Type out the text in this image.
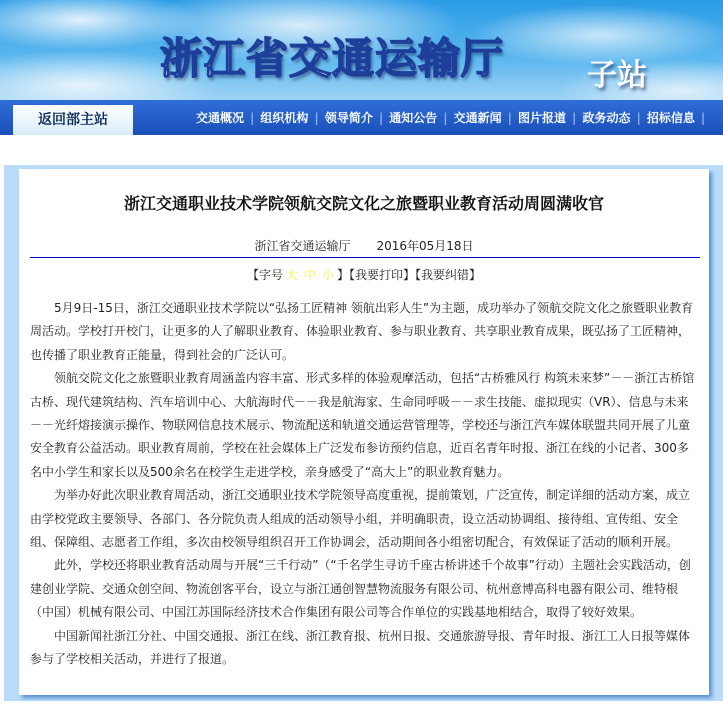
浙江省交通运输厅	子站
返回部主站	交通概况 | 组织机构 | 领导简介 | 通知公告 | 交通新闻 | 图片报道 | 政务动态 | 招标信息 |
浙江交通职业技术学院领航交院文化之旅暨职业教育活动周圆满收官
浙江省交通运输厅 2016年05月18日
【字号 大 中 小 】【我要打印】【我要纠错】

5月9日-15日，浙江交通职业技术学院以“弘扬工匠精神 领航出彩人生”为主题，成功举办了领航交院文化之旅暨职业教育周活动。学校打开校门，让更多的人了解职业教育、体验职业教育、参与职业教育、共享职业教育成果，既弘扬了工匠精神，也传播了职业教育正能量，得到社会的广泛认可。

领航交院文化之旅暨职业教育周涵盖内容丰富、形式多样的体验观摩活动，包括“古桥雅风行 构筑未来梦”－－浙江古桥馆古桥、现代建筑结构、汽车培训中心、大航海时代－－我是航海家、生命同呼吸－－求生技能、虚拟现实（VR）、信息与未来－－光纤熔接演示操作、物联网信息技术展示、物流配送和轨道交通运营管理等，学校还与浙江汽车媒体联盟共同开展了儿童安全教育公益活动。职业教育周前，学校在社会媒体上广泛发布参访预约信息，近百名青年时报、浙江在线的小记者、300多名中小学生和家长以及500余名在校学生走进学校，亲身感受了“高大上”的职业教育魅力。

为举办好此次职业教育周活动，浙江交通职业技术学院领导高度重视，提前策划，广泛宣传，制定详细的活动方案，成立由学校党政主要领导、各部门、各分院负责人组成的活动领导小组，并明确职责，设立活动协调组、接待组、宣传组、安全组、保障组、志愿者工作组，多次由校领导组织召开工作协调会，活动期间各小组密切配合，有效保证了活动的顺利开展。

此外，学校还将职业教育活动周与开展“三千行动”（“千名学生寻访千座古桥讲述千个故事”行动）主题社会实践活动，创建创业学院、交通众创空间、物流创客平台，设立与浙江通创智慧物流服务有限公司、杭州意博高科电器有限公司、维特根（中国）机械有限公司、中国江苏国际经济技术合作集团有限公司等合作单位的实践基地相结合，取得了较好效果。

中国新闻社浙江分社、中国交通报、浙江在线、浙江教育报、杭州日报、交通旅游导报、青年时报、浙江工人日报等媒体参与了学校相关活动，并进行了报道。
